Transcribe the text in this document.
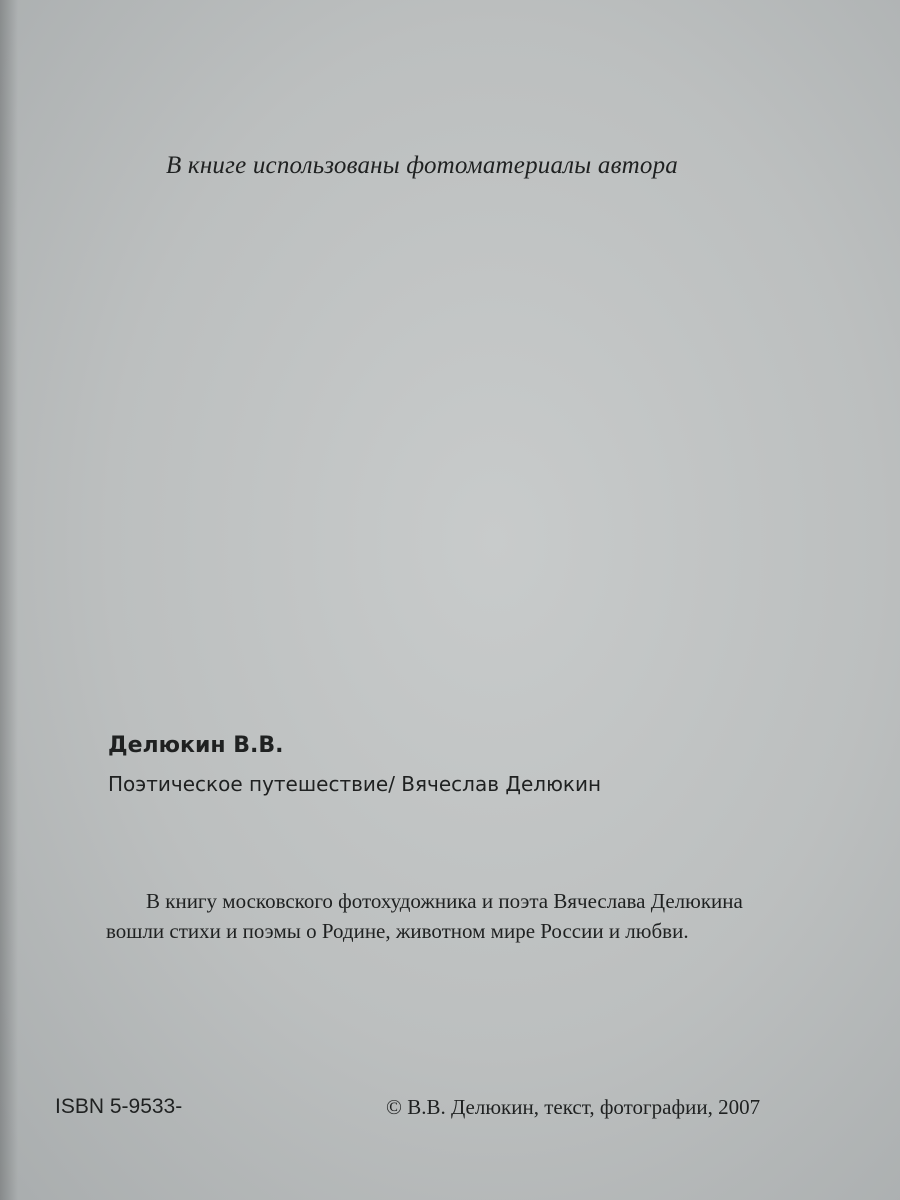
В книге использованы фотоматериалы автора
Делюкин В.В.
Поэтическое путешествие/ Вячеслав Делюкин
В книгу московского фотохудожника и поэта Вячеслава Делюкина
вошли стихи и поэмы о Родине, животном мире России и любви.
ISBN 5-9533-	© В.В. Делюкин, текст, фотографии, 2007
